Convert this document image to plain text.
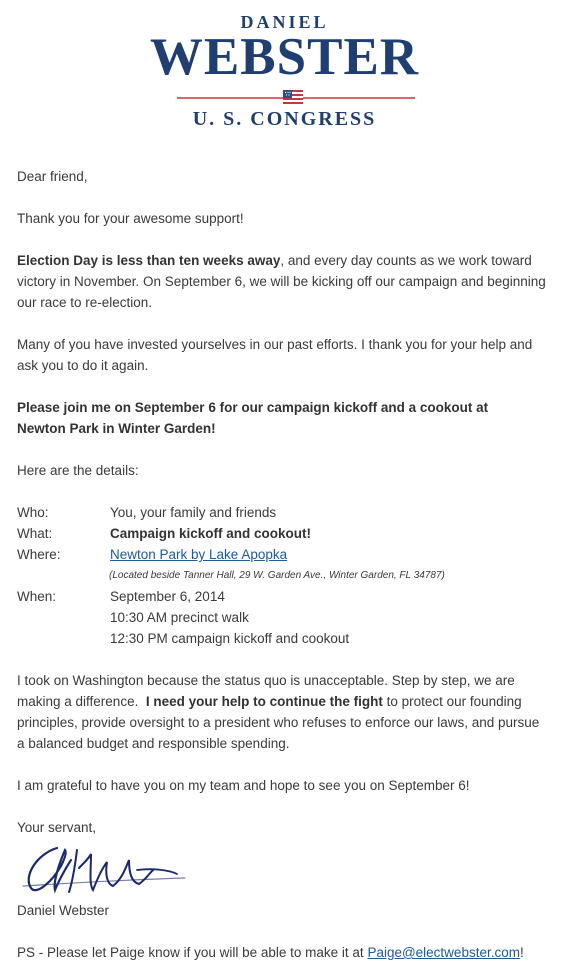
DANIEL
WEBSTER
U. S. CONGRESS

Dear friend,

Thank you for your awesome support!

Election Day is less than ten weeks away, and every day counts as we work toward

victory in November. On September 6, we will be kicking off our campaign and beginning

our race to re-election.

Many of you have invested yourselves in our past efforts. I thank you for your help and

ask you to do it again.

Please join me on September 6 for our campaign kickoff and a cookout at

Newton Park in Winter Garden!

Here are the details:

Who:	You, your family and friends
What:	Campaign kickoff and cookout!
Where:	Newton Park by Lake Apopka
(Located beside Tanner Hall, 29 W. Garden Ave., Winter Garden, FL 34787)
When:	September 6, 2014
10:30 AM precinct walk
12:30 PM campaign kickoff and cookout

I took on Washington because the status quo is unacceptable. Step by step, we are

making a difference.  I need your help to continue the fight to protect our founding

principles, provide oversight to a president who refuses to enforce our laws, and pursue

a balanced budget and responsible spending.

I am grateful to have you on my team and hope to see you on September 6!

Your servant,

Daniel Webster

PS - Please let Paige know if you will be able to make it at Paige@electwebster.com!
